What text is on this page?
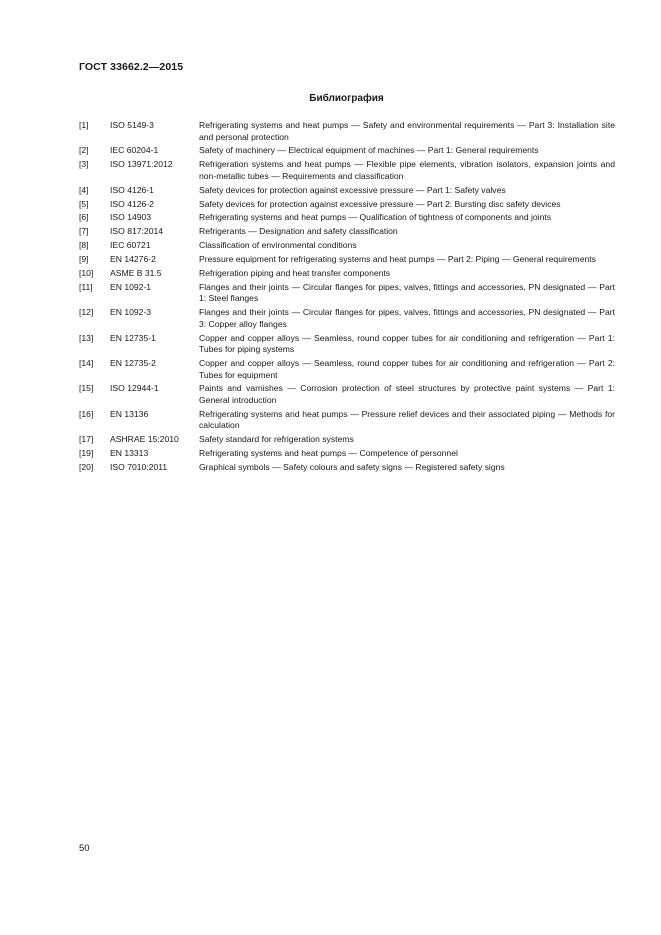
ГОСТ 33662.2—2015
Библиография
[1]	ISO 5149-3	Refrigerating systems and heat pumps — Safety and environmental requirements — Part 3: Installation site and personal protection
[2]	IEC 60204-1	Safety of machinery — Electrical equipment of machines — Part 1: General requirements
[3]	ISO 13971:2012	Refrigeration systems and heat pumps — Flexible pipe elements, vibration isolators, expansion joints and non-metallic tubes — Requirements and classification
[4]	ISO 4126-1	Safety devices for protection against excessive pressure — Part 1: Safety valves
[5]	ISO 4126-2	Safety devices for protection against excessive pressure — Part 2: Bursting disc safety devices
[6]	ISO 14903	Refrigerating systems and heat pumps — Qualification of tightness of components and joints
[7]	ISO 817:2014	Refrigerants — Designation and safety classification
[8]	IEC 60721	Classification of environmental conditions
[9]	EN 14276-2	Pressure equipment for refrigerating systems and heat pumps — Part 2: Piping — General requirements
[10]	ASME B 31.5	Refrigeration piping and heat transfer components
[11]	EN 1092-1	Flanges and their joints — Circular flanges for pipes, valves, fittings and accessories, PN designated — Part 1: Steel flanges
[12]	EN 1092-3	Flanges and their joints — Circular flanges for pipes, valves, fittings and accessories, PN designated — Part 3: Copper alloy flanges
[13]	EN 12735-1	Copper and copper alloys — Seamless, round copper tubes for air conditioning and refrigeration — Part 1: Tubes for piping systems
[14]	EN 12735-2	Copper and copper alloys — Seamless, round copper tubes for air conditioning and refrigeration — Part 2: Tubes for equipment
[15]	ISO 12944-1	Paints and varnishes — Corrosion protection of steel structures by protective paint systems — Part 1: General introduction
[16]	EN 13136	Refrigerating systems and heat pumps — Pressure relief devices and their associated piping — Methods for calculation
[17]	ASHRAE 15:2010	Safety standard for refrigeration systems
[19]	EN 13313	Refrigerating systems and heat pumps — Competence of personnel
[20]	ISO 7010:2011	Graphical symbols — Safety colours and safety signs — Registered safety signs
50
